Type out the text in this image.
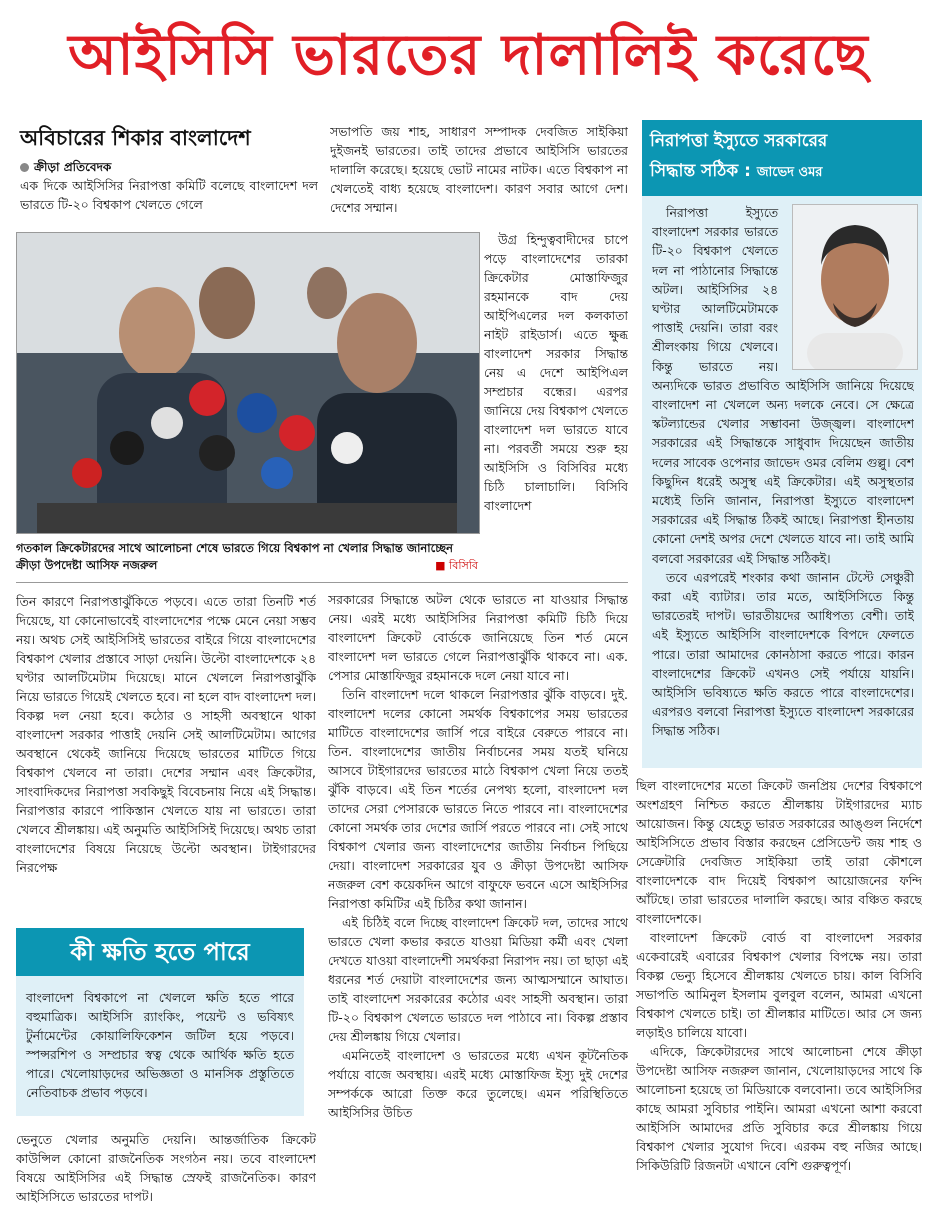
আইসিসি ভারতের দালালিই করেছে
অবিচারের শিকার বাংলাদেশ
ক্রীড়া প্রতিবেদক

এক দিকে আইসিসির নিরাপত্তা কমিটি বলেছে বাংলাদেশ দল ভারতে টি-২০ বিশ্বকাপ খেলতে গেলে

সভাপতি জয় শাহ, সাধারণ সম্পাদক দেবজিত সাইকিয়া দুইজনই ভারতের। তাই তাদের প্রভাবে আইসিসি ভারতের দালালি করেছে। হয়েছে ভোট নামের নাটক। এতে বিশ্বকাপ না খেলতেই বাধ্য হয়েছে বাংলাদেশ। কারণ সবার আগে দেশ। দেশের সম্মান।

উগ্র হিন্দুত্ববাদীদের চাপে পড়ে বাংলাদেশের তারকা ক্রিকেটার মোস্তাফিজুর রহমানকে বাদ দেয় আইপিএলের দল কলকাতা নাইট রাইডার্স। এতে ক্ষুব্ধ বাংলাদেশ সরকার সিদ্ধান্ত নেয় এ দেশে আইপিএল সম্প্রচার বন্ধের। এরপর জানিয়ে দেয় বিশ্বকাপ খেলতে বাংলাদেশ দল ভারতে যাবে না। পরবর্তী সময়ে শুরু হয় আইসিসি ও বিসিবির মধ্যে চিঠি চালাচালি। বিসিবি বাংলাদেশ

গতকাল ক্রিকেটারদের সাথে আলোচনা শেষে ভারতে গিয়ে বিশ্বকাপ না খেলার সিদ্ধান্ত জানাচ্ছেন ক্রীড়া উপদেষ্টা আসিফ নজরুল	■ বিসিবি

তিন কারণে নিরাপত্তাঝুঁকিতে পড়বে। এতে তারা তিনটি শর্ত দিয়েছে, যা কোনোভাবেই বাংলাদেশের পক্ষে মেনে নেয়া সম্ভব নয়। অথচ সেই আইসিসিই ভারতের বাইরে গিয়ে বাংলাদেশের বিশ্বকাপ খেলার প্রস্তাবে সাড়া দেয়নি। উল্টো বাংলাদেশকে ২৪ ঘণ্টার আলটিমেটাম দিয়েছে। মানে খেললে নিরাপত্তাঝুঁকি নিয়ে ভারতে গিয়েই খেলতে হবে। না হলে বাদ বাংলাদেশ দল। বিকল্প দল নেয়া হবে। কঠোর ও সাহসী অবস্থানে থাকা বাংলাদেশ সরকার পাত্তাই দেয়নি সেই আলটিমেটাম। আগের অবস্থানে থেকেই জানিয়ে দিয়েছে ভারতের মাটিতে গিয়ে বিশ্বকাপ খেলবে না তারা। দেশের সম্মান এবং ক্রিকেটার, সাংবাদিকদের নিরাপত্তা সবকিছুই বিবেচনায় নিয়ে এই সিদ্ধান্ত। নিরাপত্তার কারণে পাকিস্তান খেলতে যায় না ভারতে। তারা খেলবে শ্রীলঙ্কায়। এই অনুমতি আইসিসিই দিয়েছে। অথচ তারা বাংলাদেশের বিষয়ে নিয়েছে উল্টো অবস্থান। টাইগারদের নিরপেক্ষ

কী ক্ষতি হতে পারে

বাংলাদেশ বিশ্বকাপে না খেললে ক্ষতি হতে পারে বহুমাত্রিক। আইসিসি র‍্যাংকিং, পয়েন্ট ও ভবিষ্যৎ টুর্নামেন্টের কোয়ালিফিকেশন জটিল হয়ে পড়বে। স্পন্সরশিপ ও সম্প্রচার স্বত্ব থেকে আর্থিক ক্ষতি হতে পারে। খেলোয়াড়দের অভিজ্ঞতা ও মানসিক প্রস্তুতিতে নেতিবাচক প্রভাব পড়বে।

ভেনুতে খেলার অনুমতি দেয়নি। আন্তর্জাতিক ক্রিকেট কাউন্সিল কোনো রাজনৈতিক সংগঠন নয়। তবে বাংলাদেশ বিষয়ে আইসিসির এই সিদ্ধান্ত স্রেফই রাজনৈতিক। কারণ আইসিসিতে ভারতের দাপট।

সরকারের সিদ্ধান্তে অটল থেকে ভারতে না যাওয়ার সিদ্ধান্ত নেয়। এরই মধ্যে আইসিসির নিরাপত্তা কমিটি চিঠি দিয়ে বাংলাদেশ ক্রিকেট বোর্ডকে জানিয়েছে তিন শর্ত মেনে বাংলাদেশ দল ভারতে গেলে নিরাপত্তাঝুঁকি থাকবে না। এক. পেসার মোস্তাফিজুর রহমানকে দলে নেয়া যাবে না।

তিনি বাংলাদেশ দলে থাকলে নিরাপত্তার ঝুঁকি বাড়বে। দুই. বাংলাদেশ দলের কোনো সমর্থক বিশ্বকাপের সময় ভারতের মাটিতে বাংলাদেশের জার্সি পরে বাইরে বেরুতে পারবে না। তিন. বাংলাদেশের জাতীয় নির্বাচনের সময় যতই ঘনিয়ে আসবে টাইগারদের ভারতের মাঠে বিশ্বকাপ খেলা নিয়ে ততই ঝুঁকি বাড়বে। এই তিন শর্তের নেপথ্য হলো, বাংলাদেশ দল তাদের সেরা পেসারকে ভারতে নিতে পারবে না। বাংলাদেশের কোনো সমর্থক তার দেশের জার্সি পরতে পারবে না। সেই সাথে বিশ্বকাপ খেলার জন্য বাংলাদেশের জাতীয় নির্বাচন পিছিয়ে দেয়া। বাংলাদেশ সরকারের যুব ও ক্রীড়া উপদেষ্টা আসিফ নজরুল বেশ কয়েকদিন আগে বাফুফে ভবনে এসে আইসিসির নিরাপত্তা কমিটির এই চিঠির কথা জানান।

এই চিঠিই বলে দিচ্ছে বাংলাদেশ ক্রিকেট দল, তাদের সাথে ভারতে খেলা কভার করতে যাওয়া মিডিয়া কর্মী এবং খেলা দেখতে যাওয়া বাংলাদেশী সমর্থকরা নিরাপদ নয়। তা ছাড়া এই ধরনের শর্ত দেয়াটা বাংলাদেশের জন্য আত্মসম্মানে আঘাত। তাই বাংলাদেশ সরকারের কঠোর এবং সাহসী অবস্থান। তারা টি-২০ বিশ্বকাপ খেলতে ভারতে দল পাঠাবে না। বিকল্প প্রস্তাব দেয় শ্রীলঙ্কায় গিয়ে খেলার।

এমনিতেই বাংলাদেশ ও ভারতের মধ্যে এখন কূটনৈতিক পর্যায়ে বাজে অবস্থায়। এরই মধ্যে মোস্তাফিজ ইস্যু দুই দেশের সম্পর্ককে আরো তিক্ত করে তুলেছে। এমন পরিস্থিতিতে আইসিসির উচিত

নিরাপত্তা ইস্যুতে সরকারের
সিদ্ধান্ত সঠিক : জাভেদ ওমর

নিরাপত্তা ইস্যুতে বাংলাদেশ সরকার ভারতে টি-২০ বিশ্বকাপ খেলতে দল না পাঠানোর সিদ্ধান্তে অটল। আইসিসির ২৪ ঘণ্টার আলটিমেটামকে পাত্তাই দেয়নি। তারা বরং শ্রীলংকায় গিয়ে খেলবে। কিন্তু ভারতে নয়। অন্যদিকে ভারত প্রভাবিত আইসিসি জানিয়ে দিয়েছে বাংলাদেশ না খেললে অন্য দলকে নেবে। সে ক্ষেত্রে স্কটল্যান্ডের খেলার সম্ভাবনা উজ্জ্বল। বাংলাদেশ সরকারের এই সিদ্ধান্তকে সাধুবাদ দিয়েছেন জাতীয় দলের সাবেক ওপেনার জাভেদ ওমর বেলিম গুল্লু। বেশ কিছুদিন ধরেই অসুস্থ এই ক্রিকেটার। এই অসুস্থতার মধ্যেই তিনি জানান, নিরাপত্তা ইস্যুতে বাংলাদেশ সরকারের এই সিদ্ধান্ত ঠিকই আছে। নিরাপত্তা হীনতায় কোনো দেশই অপর দেশে খেলতে যাবে না। তাই আমি বলবো সরকারের এই সিদ্ধান্ত সঠিকই।

তবে এরপরেই শংকার কথা জানান টেস্টে সেঞ্চুরী করা এই ব্যাটার। তার মতে, আইসিসিতে কিন্তু ভারতেরই দাপট। ভারতীয়দের আধিপত্য বেশী। তাই এই ইস্যুতে আইসিসি বাংলাদেশকে বিপদে ফেলতে পারে। তারা আমাদের কোনঠাসা করতে পারে। কারন বাংলাদেশের ক্রিকেট এখনও সেই পর্যায়ে যায়নি। আইসিসি ভবিষ্যতে ক্ষতি করতে পারে বাংলাদেশের। এরপরও বলবো নিরাপত্তা ইস্যুতে বাংলাদেশ সরকারের সিদ্ধান্ত সঠিক।

ছিল বাংলাদেশের মতো ক্রিকেট জনপ্রিয় দেশের বিশ্বকাপে অংশগ্রহণ নিশ্চিত করতে শ্রীলঙ্কায় টাইগারদের ম্যাচ আয়োজন। কিন্তু যেহেতু ভারত সরকারের আঙ্গুল নির্দেশে আইসিসিতে প্রভাব বিস্তার করছেন প্রেসিডেন্ট জয় শাহ ও সেক্রেটারি দেবজিত সাইকিয়া তাই তারা কৌশলে বাংলাদেশকে বাদ দিয়েই বিশ্বকাপ আয়োজনের ফন্দি আঁটছে। তারা ভারতের দালালি করছে। আর বঞ্চিত করছে বাংলাদেশকে।

বাংলাদেশ ক্রিকেট বোর্ড বা বাংলাদেশ সরকার একেবারেই এবারের বিশ্বকাপ খেলার বিপক্ষে নয়। তারা বিকল্প ভেন্যু হিসেবে শ্রীলঙ্কায় খেলতে চায়। কাল বিসিবি সভাপতি আমিনুল ইসলাম বুলবুল বলেন, আমরা এখনো বিশ্বকাপ খেলতে চাই। তা শ্রীলঙ্কার মাটিতে। আর সে জন্য লড়াইও চালিয়ে যাবো।

এদিকে, ক্রিকেটারদের সাথে আলোচনা শেষে ক্রীড়া উপদেষ্টা আসিফ নজরুল জানান, খেলোয়াড়দের সাথে কি আলোচনা হয়েছে তা মিডিয়াকে বলবোনা। তবে আইসিসির কাছে আমরা সুবিচার পাইনি। আমরা এখনো আশা করবো আইসিসি আমাদের প্রতি সুবিচার করে শ্রীলঙ্কায় গিয়ে বিশ্বকাপ খেলার সুযোগ দিবে। এরকম বহু নজির আছে। সিকিউরিটি রিজনটা এখানে বেশি গুরুত্বপূর্ণ।
